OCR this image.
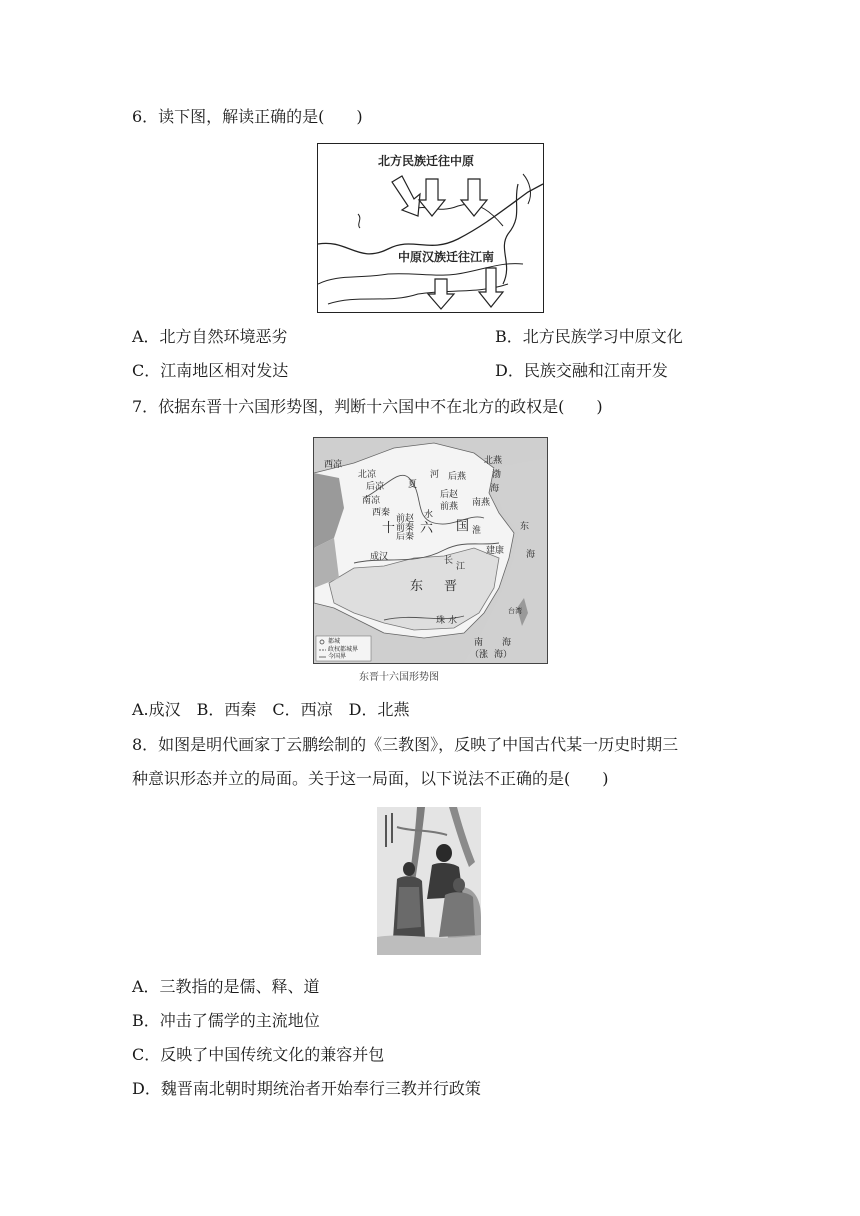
6．读下图，解读正确的是(　　)
北方民族迁往中原
中原汉族迁往江南
A．北方自然环境恶劣	B．北方民族学习中原文化
C．江南地区相对发达	D．民族交融和江南开发
7．依据东晋十六国形势图，判断十六国中不在北方的政权是(　　)
西凉
北凉
后凉
南凉
西秦
夏
河 后燕
北燕
渤
海
后赵
前燕 南燕
前赵
前秦
后秦
水
十 六 国 淮
建康
成汉	长
江
东 晋
东
海
珠 水
台湾
南 海
（涨 海）
都城
政权都城界
今国界
东晋十六国形势图
A.成汉　B．西秦　C．西凉　D．北燕
8．如图是明代画家丁云鹏绘制的《三教图》，反映了中国古代某一历史时期三
种意识形态并立的局面。关于这一局面，以下说法不正确的是(　　)
A．三教指的是儒、释、道
B．冲击了儒学的主流地位
C．反映了中国传统文化的兼容并包
D．魏晋南北朝时期统治者开始奉行三教并行政策
